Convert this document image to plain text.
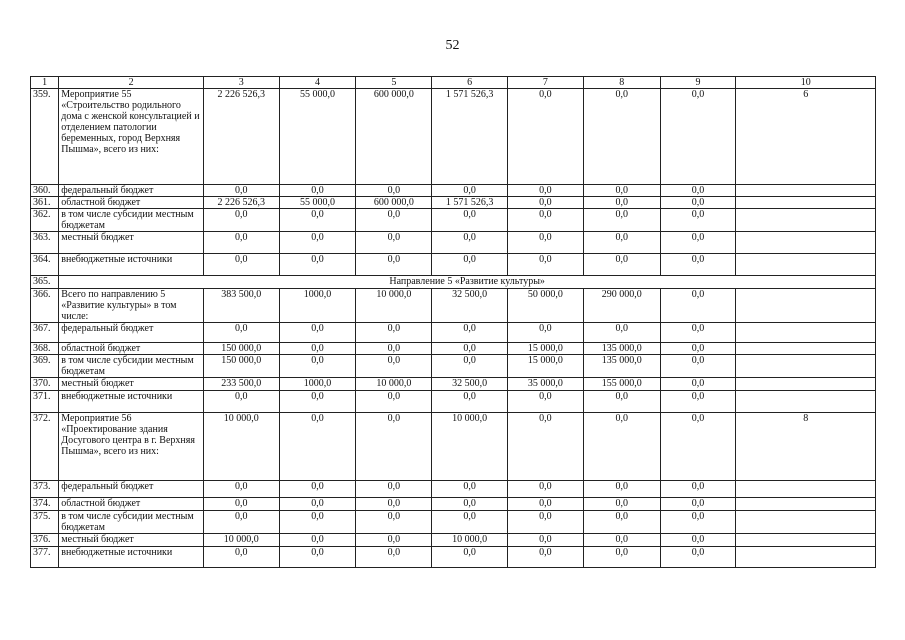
52
1	2	3	4	5	6	7	8	9	10
359.	Мероприятие 55 «Строительство родильного дома с женской консультацией и отделением патологии беременных, город Верхняя Пышма», всего из них:	2 226 526,3	55 000,0	600 000,0	1 571 526,3	0,0	0,0	0,0	6
360.	федеральный бюджет	0,0	0,0	0,0	0,0	0,0	0,0	0,0	
361.	областной бюджет	2 226 526,3	55 000,0	600 000,0	1 571 526,3	0,0	0,0	0,0	
362.	в том числе субсидии местным бюджетам	0,0	0,0	0,0	0,0	0,0	0,0	0,0	
363.	местный бюджет	0,0	0,0	0,0	0,0	0,0	0,0	0,0	
364.	внебюджетные источники	0,0	0,0	0,0	0,0	0,0	0,0	0,0	
365.	Направление 5 «Развитие культуры»								
366.	Всего по направлению 5 «Развитие культуры» в том числе:	383 500,0	1000,0	10 000,0	32 500,0	50 000,0	290 000,0	0,0	
367.	федеральный бюджет	0,0	0,0	0,0	0,0	0,0	0,0	0,0	
368.	областной бюджет	150 000,0	0,0	0,0	0,0	15 000,0	135 000,0	0,0	
369.	в том числе субсидии местным бюджетам	150 000,0	0,0	0,0	0,0	15 000,0	135 000,0	0,0	
370.	местный бюджет	233 500,0	1000,0	10 000,0	32 500,0	35 000,0	155 000,0	0,0	
371.	внебюджетные источники	0,0	0,0	0,0	0,0	0,0	0,0	0,0	
372.	Мероприятие 56 «Проектирование здания Досугового центра в г. Верхняя Пышма», всего из них:	10 000,0	0,0	0,0	10 000,0	0,0	0,0	0,0	8
373.	федеральный бюджет	0,0	0,0	0,0	0,0	0,0	0,0	0,0	
374.	областной бюджет	0,0	0,0	0,0	0,0	0,0	0,0	0,0	
375.	в том числе субсидии местным бюджетам	0,0	0,0	0,0	0,0	0,0	0,0	0,0	
376.	местный бюджет	10 000,0	0,0	0,0	10 000,0	0,0	0,0	0,0	
377.	внебюджетные источники	0,0	0,0	0,0	0,0	0,0	0,0	0,0	
